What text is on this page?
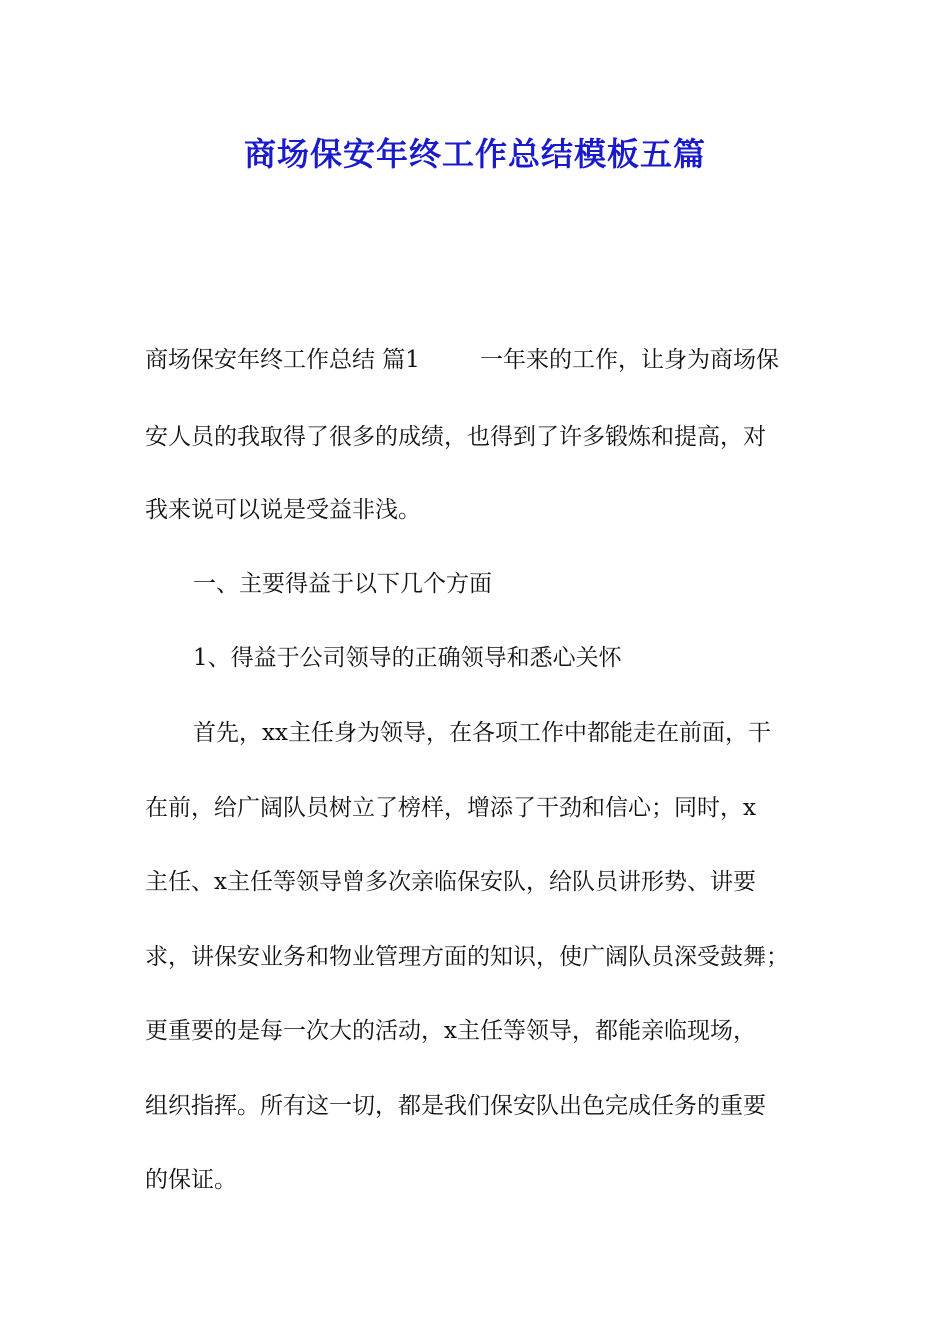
商场保安年终工作总结模板五篇
商场保安年终工作总结 篇1	一年来的工作，让身为商场保
安人员的我取得了很多的成绩，也得到了许多锻炼和提高，对
我来说可以说是受益非浅。
一、主要得益于以下几个方面
1、得益于公司领导的正确领导和悉心关怀
首先，xx主任身为领导，在各项工作中都能走在前面，干
在前，给广阔队员树立了榜样，增添了干劲和信心；同时，x
主任、x主任等领导曾多次亲临保安队，给队员讲形势、讲要
求，讲保安业务和物业管理方面的知识，使广阔队员深受鼓舞；
更重要的是每一次大的活动，x主任等领导，都能亲临现场，
组织指挥。所有这一切，都是我们保安队出色完成任务的重要
的保证。
